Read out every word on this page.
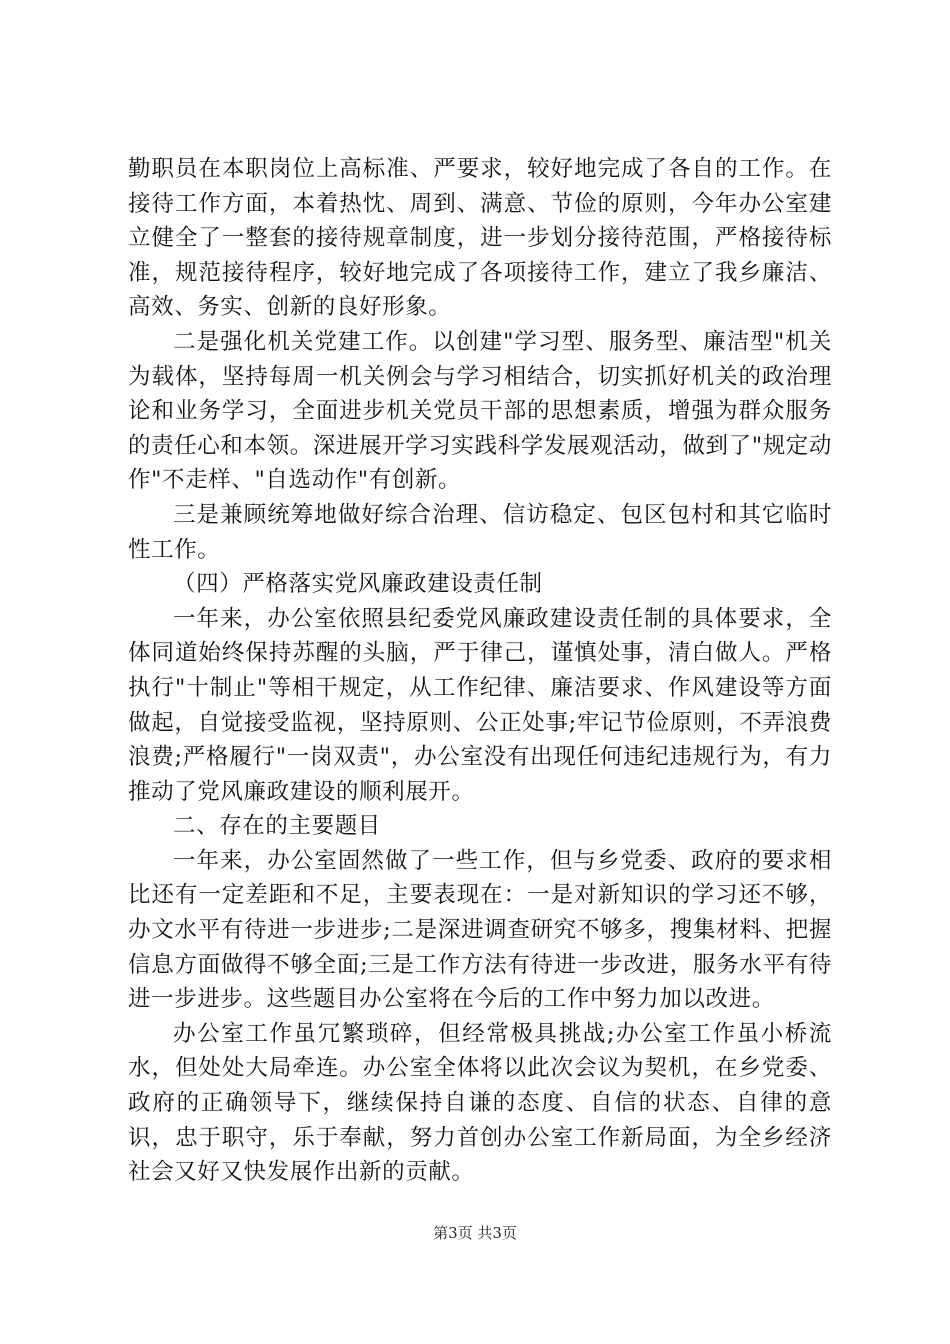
勤职员在本职岗位上高标准、严要求，较好地完成了各自的工作。在接待工作方面，本着热忱、周到、满意、节俭的原则，今年办公室建立健全了一整套的接待规章制度，进一步划分接待范围，严格接待标准，规范接待程序，较好地完成了各项接待工作，建立了我乡廉洁、高效、务实、创新的良好形象。

二是强化机关党建工作。以创建"学习型、服务型、廉洁型"机关为载体，坚持每周一机关例会与学习相结合，切实抓好机关的政治理论和业务学习，全面进步机关党员干部的思想素质，增强为群众服务的责任心和本领。深进展开学习实践科学发展观活动，做到了"规定动作"不走样、"自选动作"有创新。

三是兼顾统筹地做好综合治理、信访稳定、包区包村和其它临时性工作。

（四）严格落实党风廉政建设责任制

一年来，办公室依照县纪委党风廉政建设责任制的具体要求，全体同道始终保持苏醒的头脑，严于律己，谨慎处事，清白做人。严格执行"十制止"等相干规定，从工作纪律、廉洁要求、作风建设等方面做起，自觉接受监视，坚持原则、公正处事;牢记节俭原则，不弄浪费浪费;严格履行"一岗双责"，办公室没有出现任何违纪违规行为，有力推动了党风廉政建设的顺利展开。

二、存在的主要题目

一年来，办公室固然做了一些工作，但与乡党委、政府的要求相比还有一定差距和不足，主要表现在：一是对新知识的学习还不够，办文水平有待进一步进步;二是深进调查研究不够多，搜集材料、把握信息方面做得不够全面;三是工作方法有待进一步改进，服务水平有待进一步进步。这些题目办公室将在今后的工作中努力加以改进。

办公室工作虽冗繁琐碎，但经常极具挑战;办公室工作虽小桥流水，但处处大局牵连。办公室全体将以此次会议为契机，在乡党委、政府的正确领导下，继续保持自谦的态度、自信的状态、自律的意识，忠于职守，乐于奉献，努力首创办公室工作新局面，为全乡经济社会又好又快发展作出新的贡献。

第3页 共3页
